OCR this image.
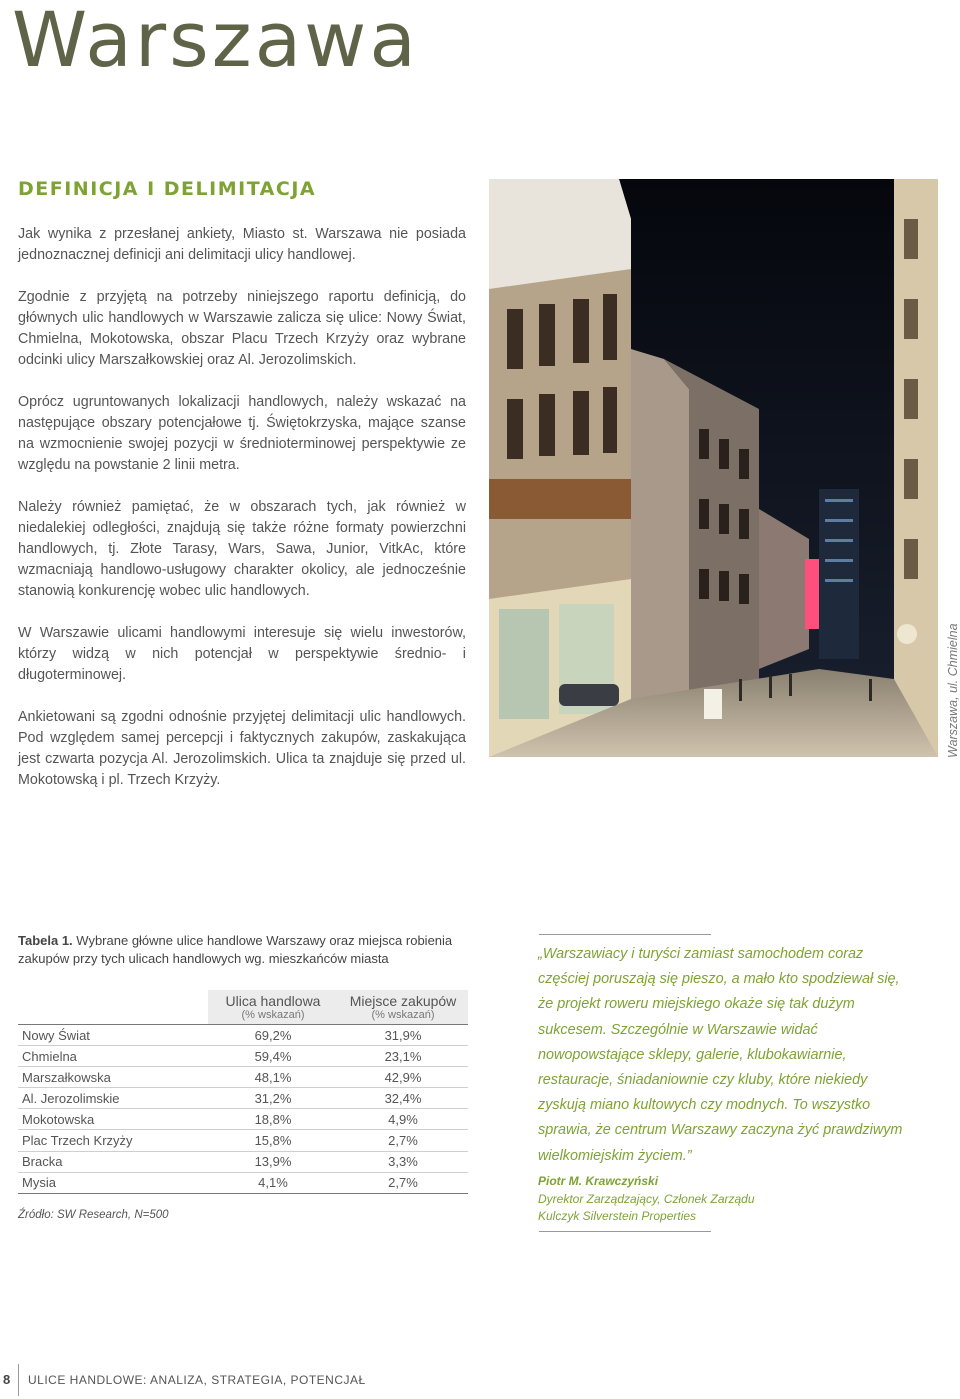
Warszawa
DEFINICJA I DELIMITACJA

Jak wynika z przesłanej ankiety, Miasto st. Warszawa nie posiada jednoznacznej definicji ani delimitacji ulicy handlowej.

Zgodnie z przyjętą na potrzeby niniejszego raportu definicją, do głównych ulic handlowych w Warszawie zalicza się ulice: Nowy Świat, Chmielna, Mokotowska, obszar Placu Trzech Krzyży oraz wybrane odcinki ulicy Marszałkowskiej oraz Al. Jerozolimskich.

Oprócz ugruntowanych lokalizacji handlowych, należy wskazać na następujące obszary potencjałowe tj. Świętokrzyska, mające szanse na wzmocnienie swojej pozycji w średnioterminowej perspektywie ze względu na powstanie 2 linii metra.

Należy również pamiętać, że w obszarach tych, jak również w niedalekiej odległości, znajdują się także różne formaty powierzchni handlowych, tj. Złote Tarasy, Wars, Sawa, Junior, VitkAc, które wzmacniają handlowo-usługowy charakter okolicy, ale jednocześnie stanowią konkurencję wobec ulic handlowych.

W Warszawie ulicami handlowymi interesuje się wielu inwestorów, którzy widzą w nich potencjał w perspektywie średnio- i długoterminowej.

Ankietowani są zgodni odnośnie przyjętej delimitacji ulic handlowych. Pod względem samej percepcji i faktycznych zakupów, zaskakująca jest czwarta pozycja Al. Jerozolimskich. Ulica ta znajduje się przed ul. Mokotowską i pl. Trzech Krzyży.

Warszawa, ul. Chmielna

Tabela 1. Wybrane główne ulice handlowe Warszawy oraz miejsca robienia zakupów przy tych ulicach handlowych wg. mieszkańców miasta

	Ulica handlowa	Miejsce zakupów
	(% wskazań)	(% wskazań)
Nowy Świat	69,2%	31,9%
Chmielna	59,4%	23,1%
Marszałkowska	48,1%	42,9%
Al. Jerozolimskie	31,2%	32,4%
Mokotowska	18,8%	4,9%
Plac Trzech Krzyży	15,8%	2,7%
Bracka	13,9%	3,3%
Mysia	4,1%	2,7%
Źródło: SW Research, N=500

„Warszawiacy i turyści zamiast samochodem coraz częściej poruszają się pieszo, a mało kto spodziewał się, że projekt roweru miejskiego okaże się tak dużym sukcesem. Szczególnie w Warszawie widać nowopowstające sklepy, galerie, klubokawiarnie, restauracje, śniadaniownie czy kluby, które niekiedy zyskują miano kultowych czy modnych. To wszystko sprawia, że centrum Warszawy zaczyna żyć prawdziwym wielkomiejskim życiem.”

Piotr M. Krawczyński
Dyrektor Zarządzający, Członek Zarządu
Kulczyk Silverstein Properties
8 ULICE HANDLOWE: ANALIZA, STRATEGIA, POTENCJAŁ
